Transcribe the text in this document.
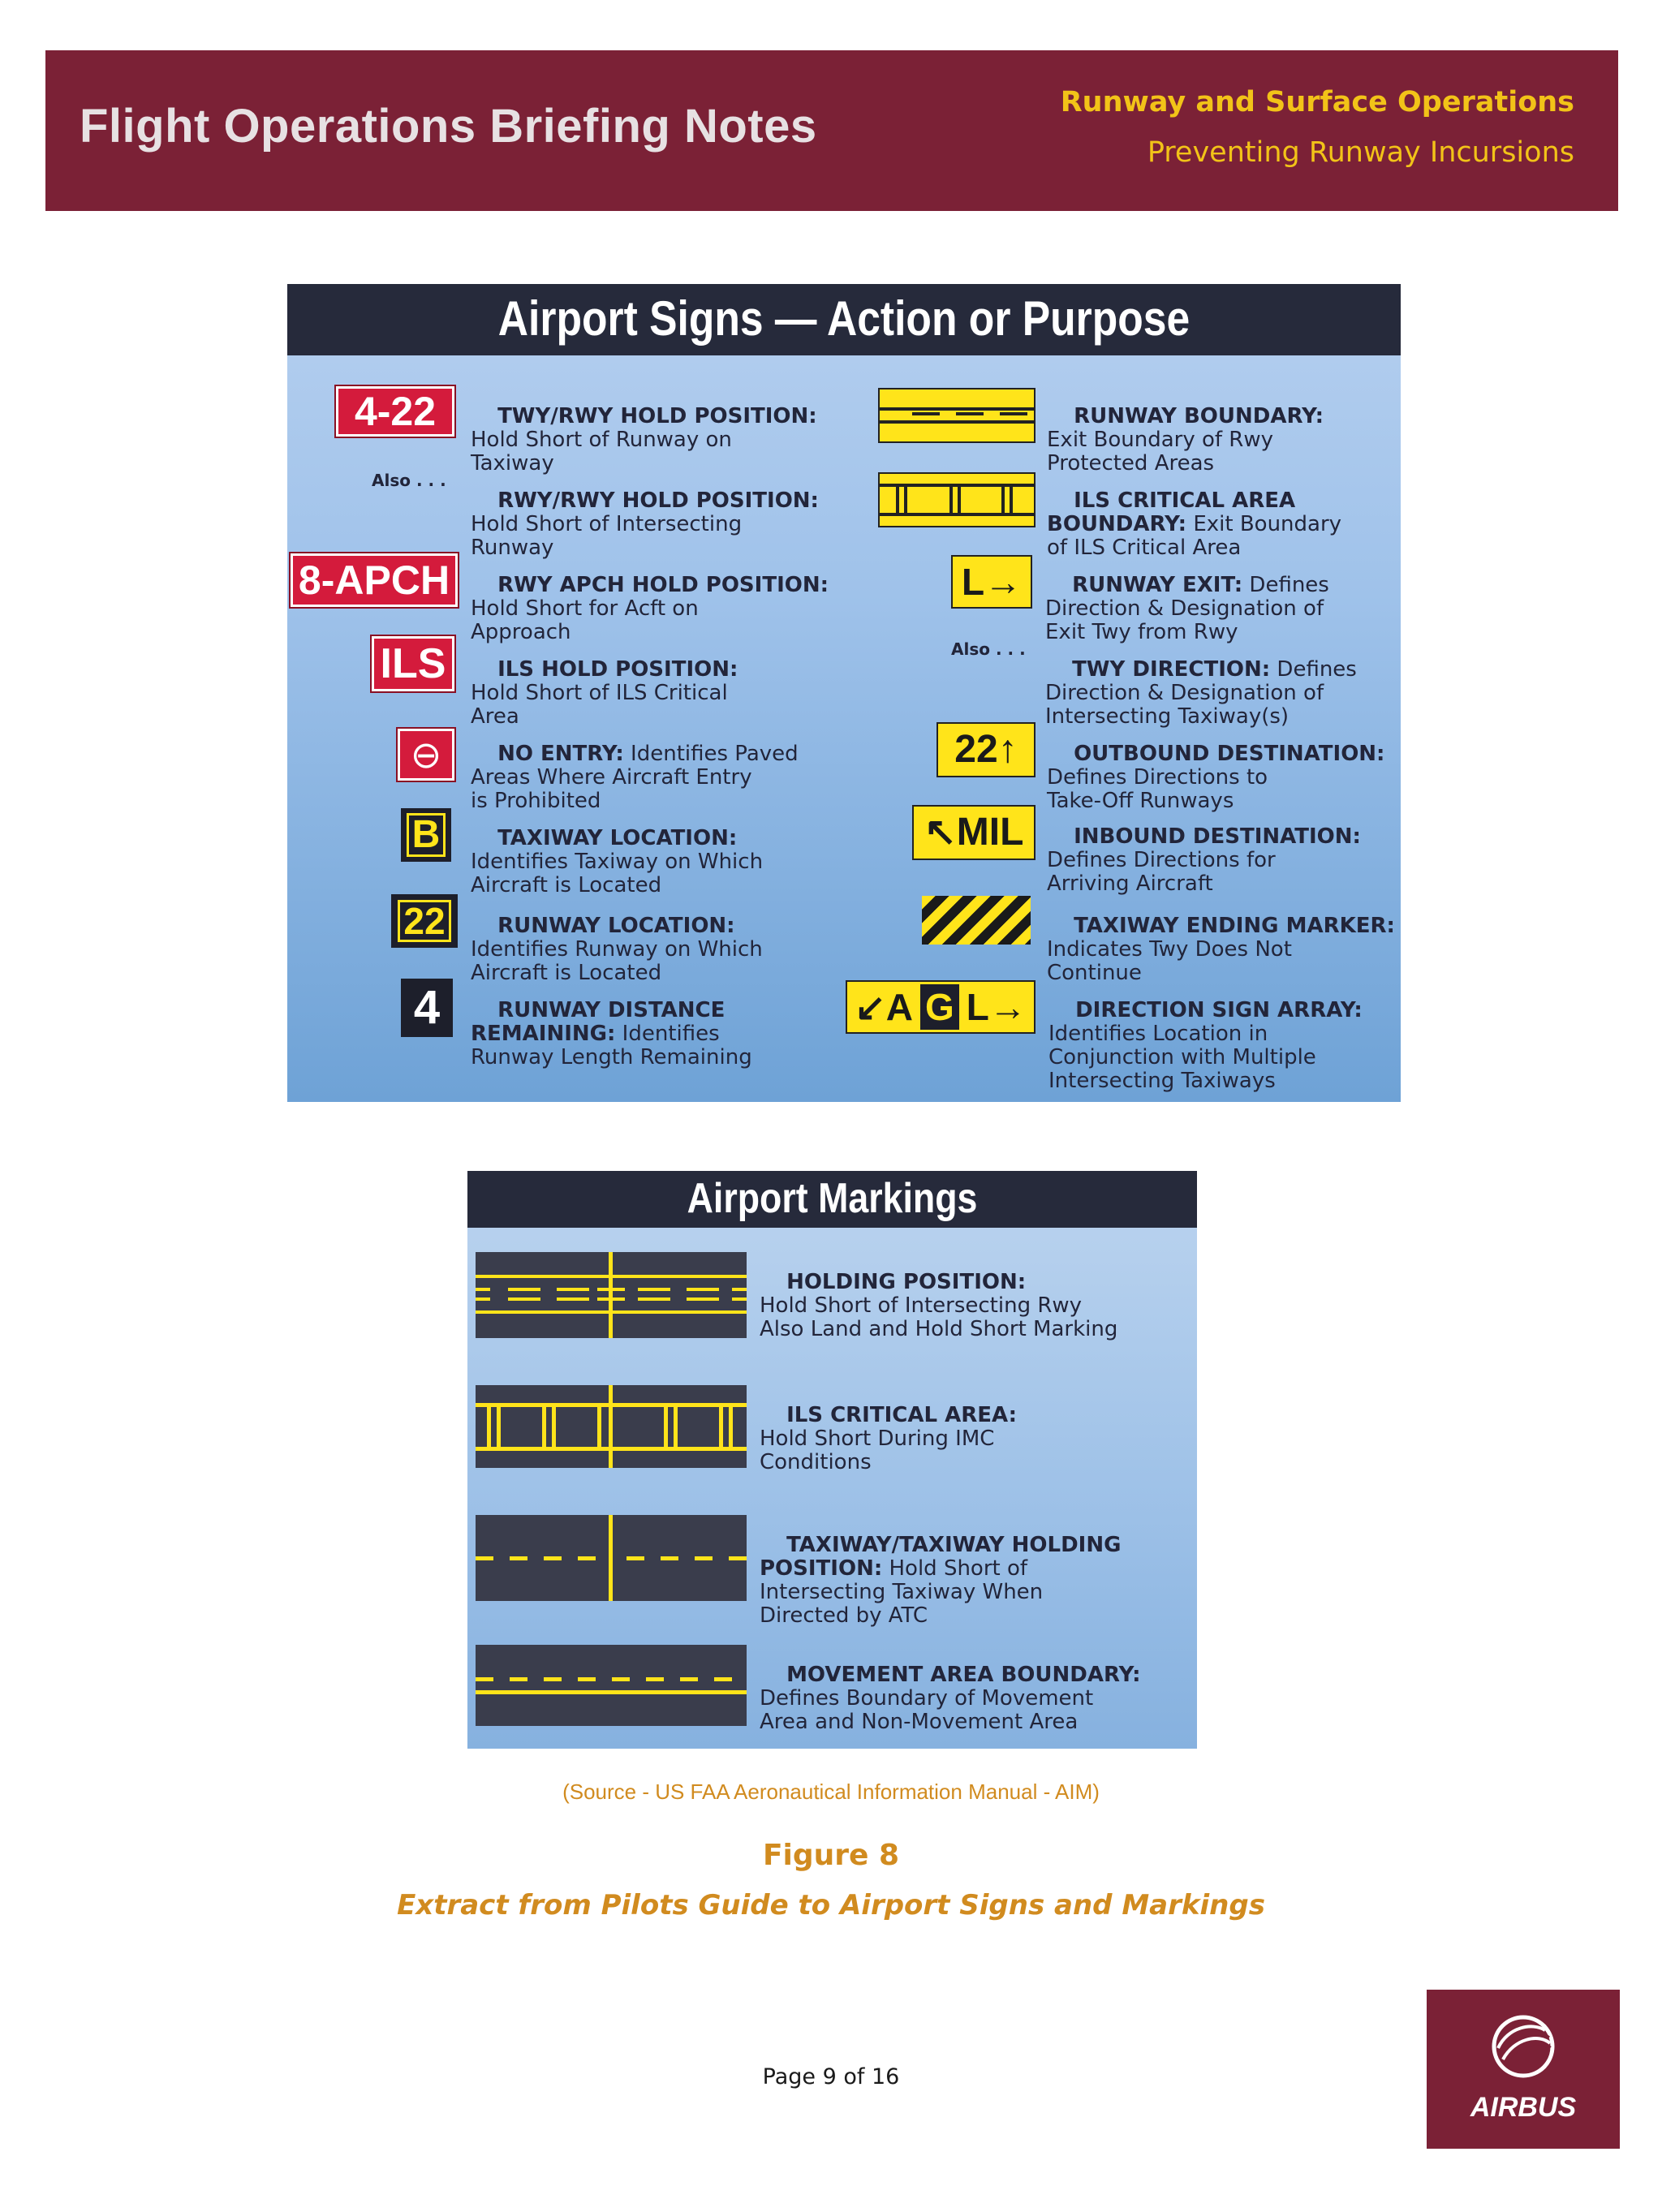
Flight Operations Briefing Notes	Runway and Surface Operations
Preventing Runway Incursions
Airport Signs — Action or Purpose
4-22	TWY/RWY HOLD POSITION:
Hold Short of Runway on
Taxiway
Also . . .

RWY/RWY HOLD POSITION:
Hold Short of Intersecting
Runway
8-APCH	RWY APCH HOLD POSITION:
Hold Short for Acft on
Approach
ILS	ILS HOLD POSITION:
Hold Short of ILS Critical
Area
⊖	NO ENTRY: Identifies Paved
Areas Where Aircraft Entry
is Prohibited
B	TAXIWAY LOCATION:
Identifies Taxiway on Which
Aircraft is Located
22	RUNWAY LOCATION:
Identifies Runway on Which
Aircraft is Located
4	RUNWAY DISTANCE
REMAINING: Identifies
Runway Length Remaining

RUNWAY BOUNDARY:
Exit Boundary of Rwy
Protected Areas

ILS CRITICAL AREA
BOUNDARY: Exit Boundary
of ILS Critical Area
L→	RUNWAY EXIT: Defines
Direction & Designation of
Exit Twy from Rwy
Also . . .

TWY DIRECTION: Defines
Direction & Designation of
Intersecting Taxiway(s)
22↑	OUTBOUND DESTINATION:
Defines Directions to
Take-Off Runways
↖MIL	INBOUND DESTINATION:
Defines Directions for
Arriving Aircraft

TAXIWAY ENDING MARKER:
Indicates Twy Does Not
Continue
↙A G L→	DIRECTION SIGN ARRAY:
Identifies Location in
Conjunction with Multiple
Intersecting Taxiways
Airport Markings

HOLDING POSITION:
Hold Short of Intersecting Rwy
Also Land and Hold Short Marking

ILS CRITICAL AREA:
Hold Short During IMC
Conditions

TAXIWAY/TAXIWAY HOLDING
POSITION: Hold Short of
Intersecting Taxiway When
Directed by ATC

MOVEMENT AREA BOUNDARY:
Defines Boundary of Movement
Area and Non-Movement Area
(Source - US FAA Aeronautical Information Manual - AIM)
Figure 8
Extract from Pilots Guide to Airport Signs and Markings
Page 9 of 16
AIRBUS
